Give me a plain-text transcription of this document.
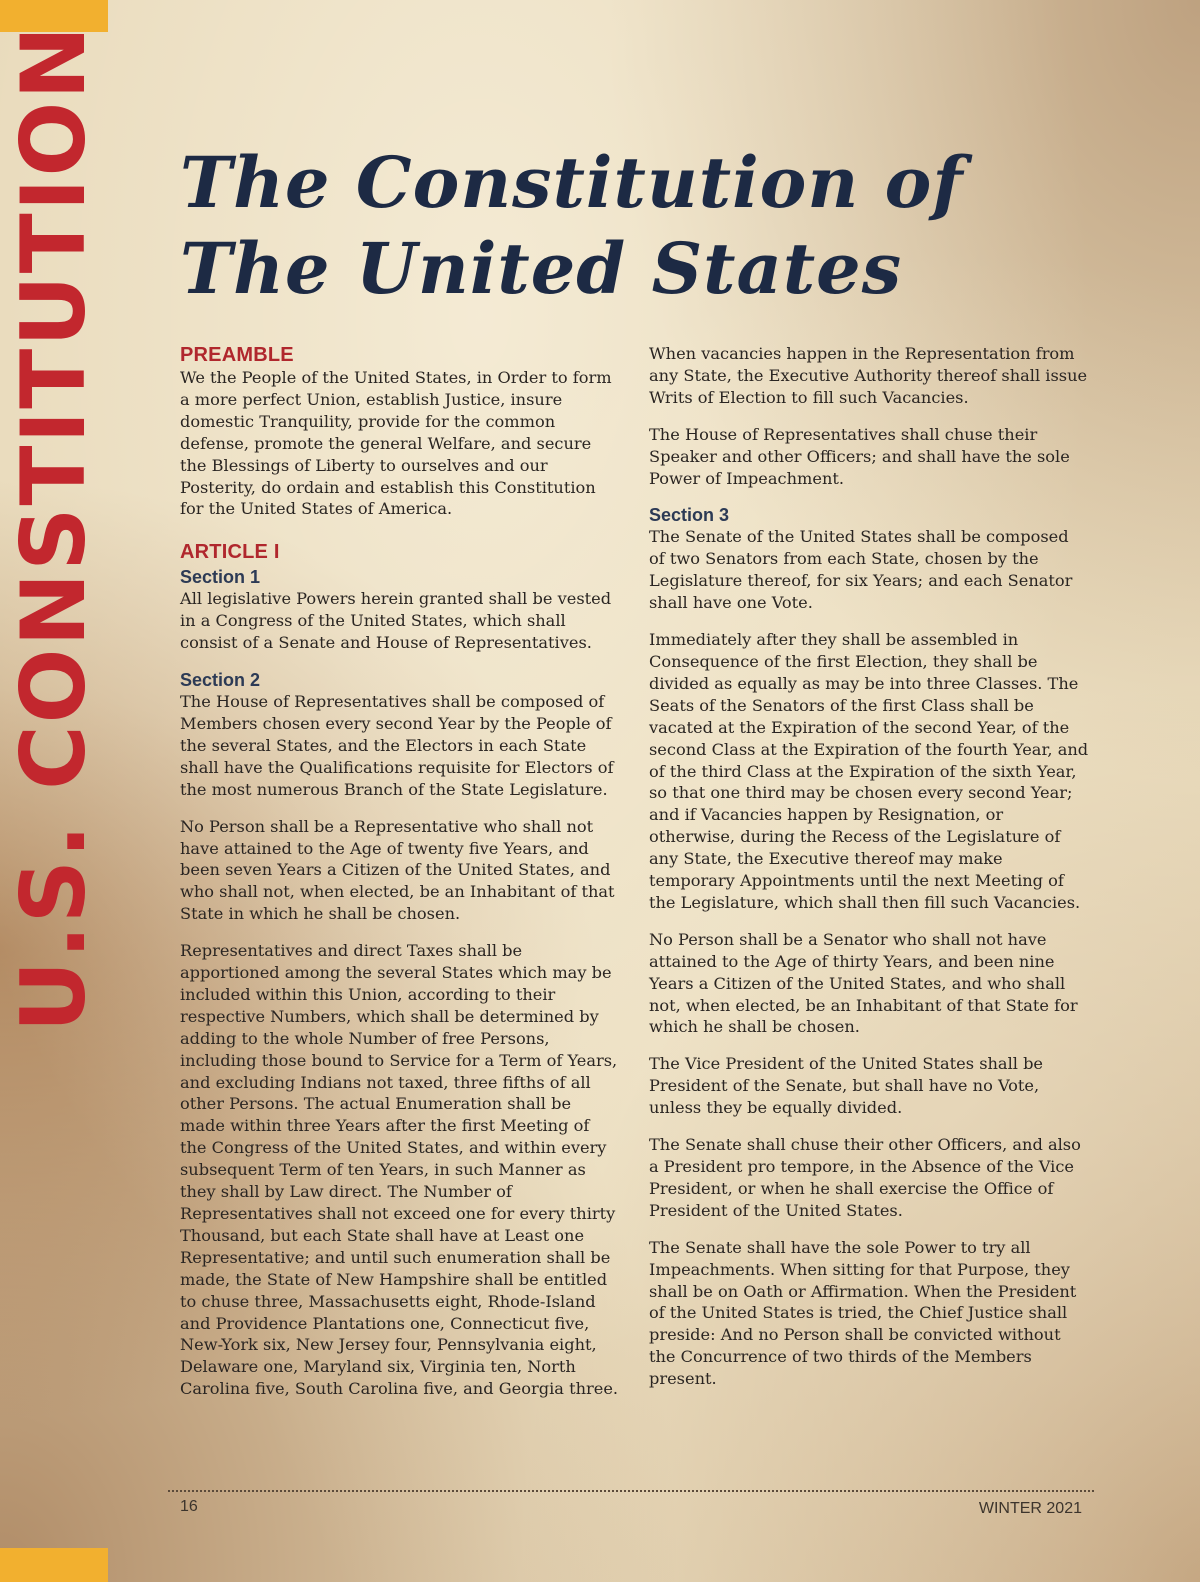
U.S. CONSTITUTION The Constitution of
The United States
PREAMBLE

We the People of the United States, in Order to form a more perfect Union, establish Justice, insure domestic Tranquility, provide for the common defense, promote the general Welfare, and secure the Blessings of Liberty to ourselves and our Posterity, do ordain and establish this Constitution for the United States of America.

ARTICLE I
Section 1

All legislative Powers herein granted shall be vested in a Congress of the United States, which shall consist of a Senate and House of Representatives.

Section 2

The House of Representatives shall be composed of Members chosen every second Year by the People of the several States, and the Electors in each State shall have the Qualifications requisite for Electors of the most numerous Branch of the State Legislature.

No Person shall be a Representative who shall not have attained to the Age of twenty five Years, and been seven Years a Citizen of the United States, and who shall not, when elected, be an Inhabitant of that State in which he shall be chosen.

Representatives and direct Taxes shall be apportioned among the several States which may be included within this Union, according to their respective Numbers, which shall be determined by adding to the whole Number of free Persons, including those bound to Service for a Term of Years, and excluding Indians not taxed, three fifths of all other Persons. The actual Enumeration shall be made within three Years after the first Meeting of the Congress of the United States, and within every subsequent Term of ten Years, in such Manner as they shall by Law direct. The Number of Representatives shall not exceed one for every thirty Thousand, but each State shall have at Least one Representative; and until such enumeration shall be made, the State of New Hampshire shall be entitled to chuse three, Massachusetts eight, Rhode-Island and Providence Plantations one, Connecticut five, New-York six, New Jersey four, Pennsylvania eight, Delaware one, Maryland six, Virginia ten, North Carolina five, South Carolina five, and Georgia three.

When vacancies happen in the Representation from any State, the Executive Authority thereof shall issue Writs of Election to fill such Vacancies.

The House of Representatives shall chuse their Speaker and other Officers; and shall have the sole Power of Impeachment.

Section 3

The Senate of the United States shall be composed of two Senators from each State, chosen by the Legislature thereof, for six Years; and each Senator shall have one Vote.

Immediately after they shall be assembled in Consequence of the first Election, they shall be divided as equally as may be into three Classes. The Seats of the Senators of the first Class shall be vacated at the Expiration of the second Year, of the second Class at the Expiration of the fourth Year, and of the third Class at the Expiration of the sixth Year, so that one third may be chosen every second Year; and if Vacancies happen by Resignation, or otherwise, during the Recess of the Legislature of any State, the Executive thereof may make temporary Appointments until the next Meeting of the Legislature, which shall then fill such Vacancies.

No Person shall be a Senator who shall not have attained to the Age of thirty Years, and been nine Years a Citizen of the United States, and who shall not, when elected, be an Inhabitant of that State for which he shall be chosen.

The Vice President of the United States shall be President of the Senate, but shall have no Vote, unless they be equally divided.

The Senate shall chuse their other Officers, and also a President pro tempore, in the Absence of the Vice President, or when he shall exercise the Office of President of the United States.

The Senate shall have the sole Power to try all Impeachments. When sitting for that Purpose, they shall be on Oath or Affirmation. When the President of the United States is tried, the Chief Justice shall preside: And no Person shall be convicted without the Concurrence of two thirds of the Members present.

16	WINTER 2021
